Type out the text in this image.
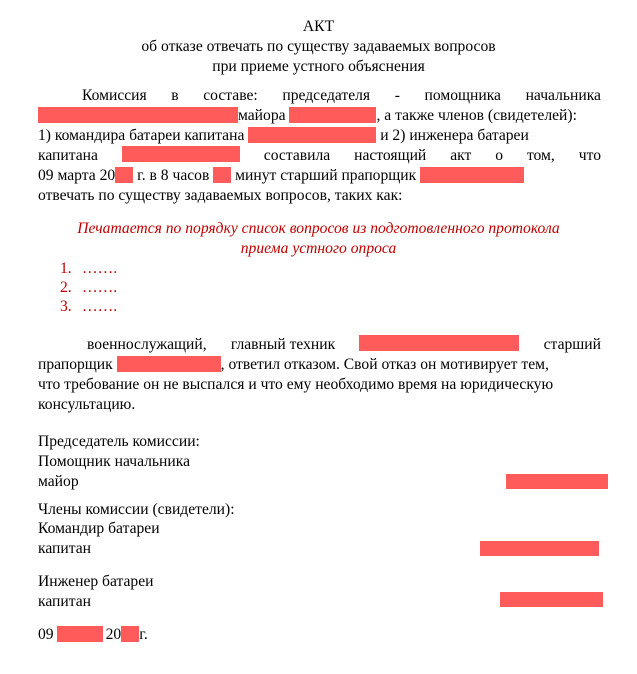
АКТ
об отказе отвечать по существу задаваемых вопросов
при приеме устного объяснения
Комиссия в составе: председателя - помощника начальника
майора	, а также членов (свидетелей):
1) командира батареи капитана	и 2) инженера батареи
капитана	составила настоящий акт о том, что
09 марта 20 г. в 8 часов минут старший прапорщик
отвечать по существу задаваемых вопросов, таких как:
Печатается по порядку список вопросов из подготовленного протокола
приема устного опроса
1. …….
2. …….
3. …….
военнослужащий, главный техник	старший
прапорщик	, ответил отказом. Свой отказ он мотивирует тем,
что требование он не выспался и что ему необходимо время на юридическую
консультацию.
Председатель комиссии:
Помощник начальника
майор
Члены комиссии (свидетели):
Командир батареи
капитан
Инженер батареи
капитан
09	20 г.
